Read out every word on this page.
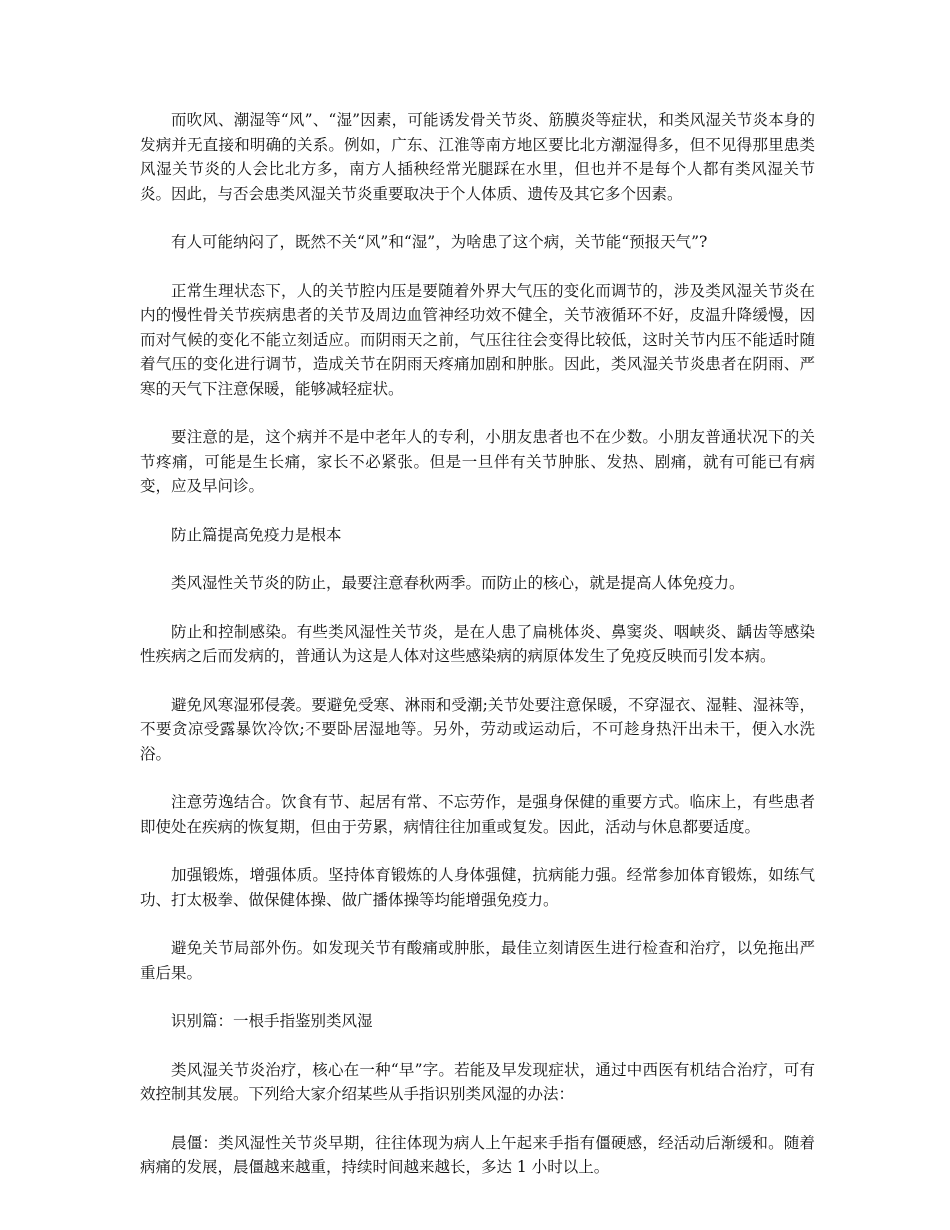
而吹风、潮湿等“风”、“湿”因素，可能诱发骨关节炎、筋膜炎等症状，和类风湿关节炎本身的发病并无直接和明确的关系。例如，广东、江淮等南方地区要比北方潮湿得多，但不见得那里患类风湿关节炎的人会比北方多，南方人插秧经常光腿踩在水里，但也并不是每个人都有类风湿关节炎。因此，与否会患类风湿关节炎重要取决于个人体质、遗传及其它多个因素。

有人可能纳闷了，既然不关“风”和“湿”，为啥患了这个病，关节能“预报天气”?

正常生理状态下，人的关节腔内压是要随着外界大气压的变化而调节的，涉及类风湿关节炎在内的慢性骨关节疾病患者的关节及周边血管神经功效不健全，关节液循环不好，皮温升降缓慢，因而对气候的变化不能立刻适应。而阴雨天之前，气压往往会变得比较低，这时关节内压不能适时随着气压的变化进行调节，造成关节在阴雨天疼痛加剧和肿胀。因此，类风湿关节炎患者在阴雨、严寒的天气下注意保暖，能够减轻症状。

要注意的是，这个病并不是中老年人的专利，小朋友患者也不在少数。小朋友普通状况下的关节疼痛，可能是生长痛，家长不必紧张。但是一旦伴有关节肿胀、发热、剧痛，就有可能已有病变，应及早问诊。

防止篇提高免疫力是根本

类风湿性关节炎的防止，最要注意春秋两季。而防止的核心，就是提高人体免疫力。

防止和控制感染。有些类风湿性关节炎，是在人患了扁桃体炎、鼻窦炎、咽峡炎、龋齿等感染性疾病之后而发病的，普通认为这是人体对这些感染病的病原体发生了免疫反映而引发本病。

避免风寒湿邪侵袭。要避免受寒、淋雨和受潮;关节处要注意保暖，不穿湿衣、湿鞋、湿袜等，不要贪凉受露暴饮冷饮;不要卧居湿地等。另外，劳动或运动后，不可趁身热汗出未干，便入水洗浴。

注意劳逸结合。饮食有节、起居有常、不忘劳作，是强身保健的重要方式。临床上，有些患者即使处在疾病的恢复期，但由于劳累，病情往往加重或复发。因此，活动与休息都要适度。

加强锻炼，增强体质。坚持体育锻炼的人身体强健，抗病能力强。经常参加体育锻炼，如练气功、打太极拳、做保健体操、做广播体操等均能增强免疫力。

避免关节局部外伤。如发现关节有酸痛或肿胀，最佳立刻请医生进行检查和治疗，以免拖出严重后果。

识别篇：一根手指鉴别类风湿

类风湿关节炎治疗，核心在一种“早”字。若能及早发现症状，通过中西医有机结合治疗，可有效控制其发展。下列给大家介绍某些从手指识别类风湿的办法：

晨僵：类风湿性关节炎早期，往往体现为病人上午起来手指有僵硬感，经活动后渐缓和。随着病痛的发展，晨僵越来越重，持续时间越来越长，多达 1 小时以上。
